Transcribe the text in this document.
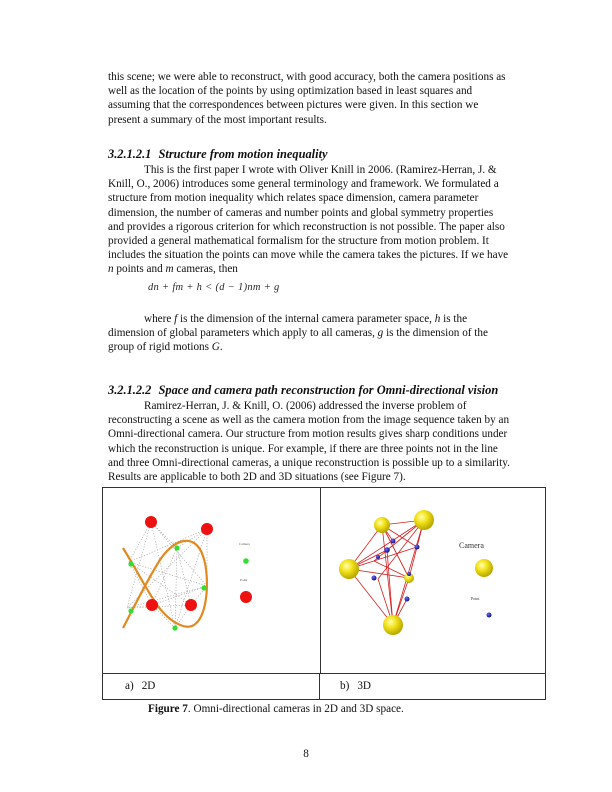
this scene; we were able to reconstruct, with good accuracy, both the camera positions as
well as the location of the points by using optimization based in least squares and
assuming that the correspondences between pictures were given. In this section we
present a summary of the most important results.
3.2.1.2.1 Structure from motion inequality
This is the first paper I wrote with Oliver Knill in 2006. (Ramirez-Herran, J. &
Knill, O., 2006) introduces some general terminology and framework. We formulated a
structure from motion inequality which relates space dimension, camera parameter
dimension, the number of cameras and number points and global symmetry properties
and provides a rigorous criterion for which reconstruction is not possible. The paper also
provided a general mathematical formalism for the structure from motion problem. It
includes the situation the points can move while the camera takes the pictures. If we have
n points and m cameras, then
dn + fm + h < (d − 1)nm + g
where f is the dimension of the internal camera parameter space, h is the
dimension of global parameters which apply to all cameras, g is the dimension of the
group of rigid motions G.
3.2.1.2.2 Space and camera path reconstruction for Omni-directional vision
Ramirez-Herran, J. & Knill, O. (2006) addressed the inverse problem of
reconstructing a scene as well as the camera motion from the image sequence taken by an
Omni-directional camera. Our structure from motion results gives sharp conditions under
which the reconstruction is unique. For example, if there are three points not in the line
and three Omni-directional cameras, a unique reconstruction is possible up to a similarity.
Results are applicable to both 2D and 3D situations (see Figure 7).
Camera
Point
Camera
Point
a) 2D	b) 3D
Figure 7. Omni-directional cameras in 2D and 3D space.
8
